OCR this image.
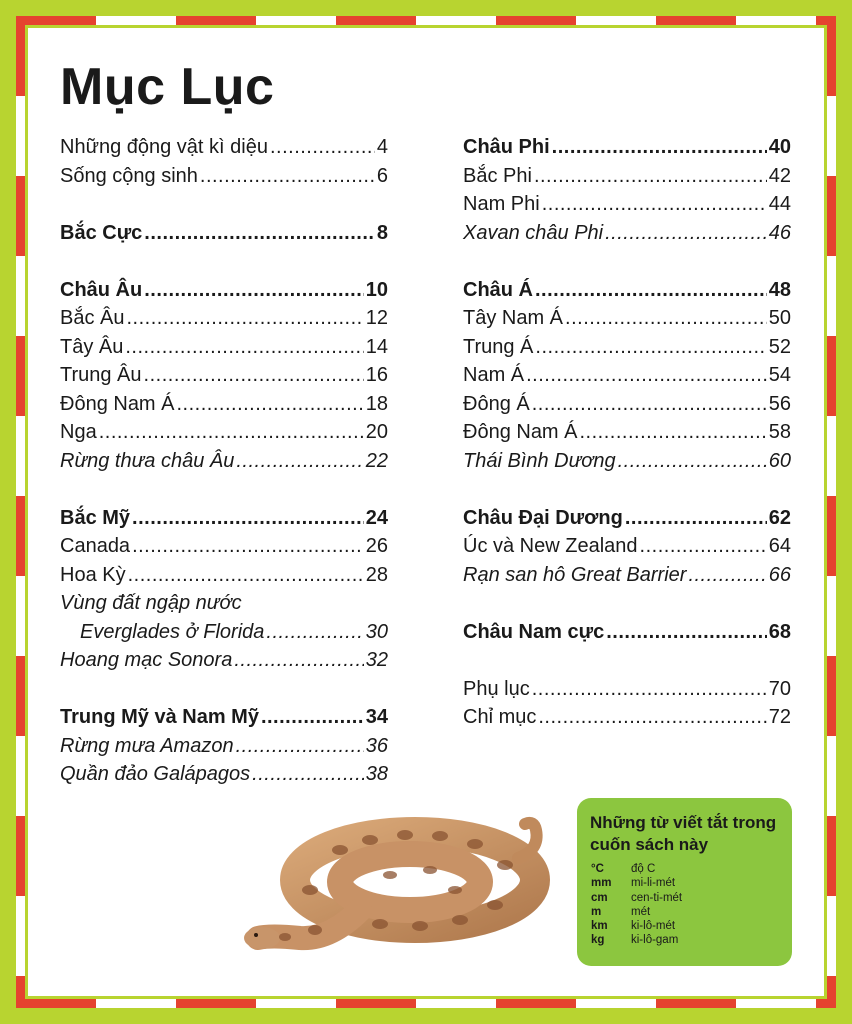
Mục Lục
Những động vật kì diệu .....	4
Sống cộng sinh .....	6
Bắc Cực .....	8
Châu Âu .....	10
Bắc Âu .....	12
Tây Âu .....	14
Trung Âu .....	16
Đông Nam Á .....	18
Nga .....	20
Rừng thưa châu Âu .....	22
Bắc Mỹ .....	24
Canada .....	26
Hoa Kỳ .....	28
Vùng đất ngập nước
Everglades ở Florida .....	30
Hoang mạc Sonora .....	32
Trung Mỹ và Nam Mỹ .....	34
Rừng mưa Amazon .....	36
Quần đảo Galápagos .....	38
Châu Phi .....	40
Bắc Phi .....	42
Nam Phi .....	44
Xavan châu Phi .....	46
Châu Á .....	48
Tây Nam Á .....	50
Trung Á .....	52
Nam Á .....	54
Đông Á .....	56
Đông Nam Á .....	58
Thái Bình Dương .....	60
Châu Đại Dương .....	62
Úc và New Zealand .....	64
Rạn san hô Great Barrier .....	66
Châu Nam cực .....	68
Phụ lục .....	70
Chỉ mục .....	72
Những từ viết tắt trong cuốn sách này
°C	độ C
mm	mi-li-mét
cm	cen-ti-mét
m	mét
km	ki-lô-mét
kg	ki-lô-gam
